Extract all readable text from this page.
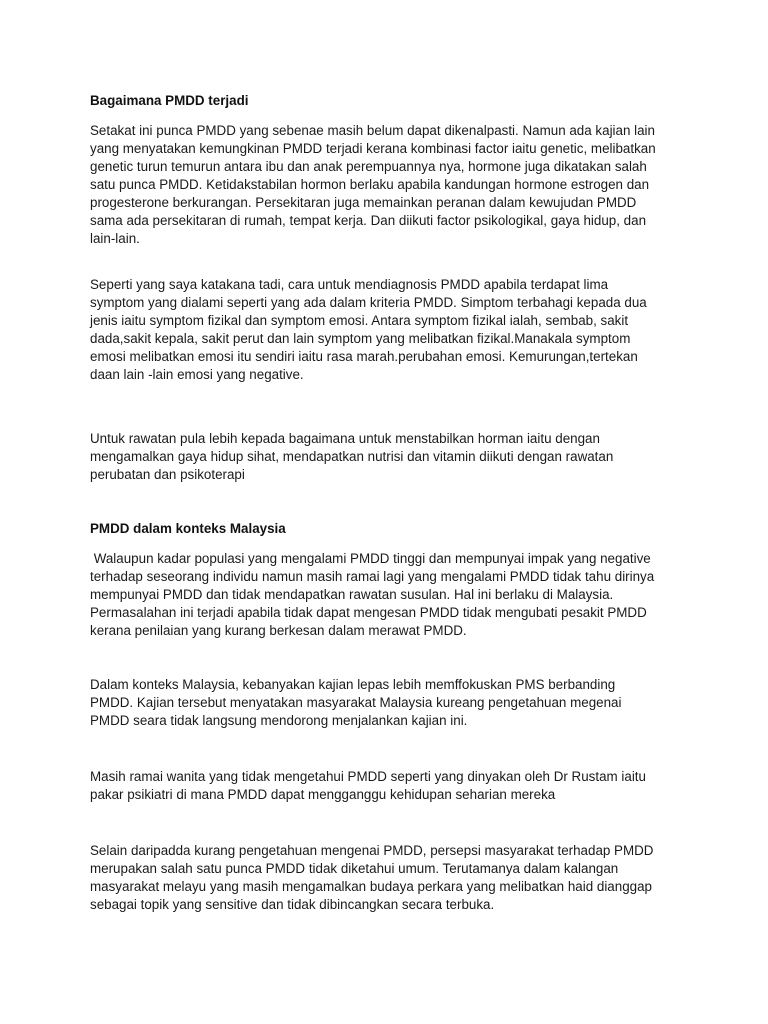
Bagaimana PMDD terjadi

Setakat ini punca PMDD yang sebenae masih belum dapat dikenalpasti. Namun ada kajian lain
yang menyatakan kemungkinan PMDD terjadi kerana kombinasi factor iaitu genetic, melibatkan
genetic turun temurun antara ibu dan anak perempuannya nya, hormone juga dikatakan salah
satu punca PMDD. Ketidakstabilan hormon berlaku apabila kandungan hormone estrogen dan
progesterone berkurangan. Persekitaran juga memainkan peranan dalam kewujudan PMDD
sama ada persekitaran di rumah, tempat kerja. Dan diikuti factor psikologikal, gaya hidup, dan
lain-lain.

Seperti yang saya katakana tadi, cara untuk mendiagnosis PMDD apabila terdapat lima
symptom yang dialami seperti yang ada dalam kriteria PMDD. Simptom terbahagi kepada dua
jenis iaitu symptom fizikal dan symptom emosi. Antara symptom fizikal ialah, sembab, sakit
dada,sakit kepala, sakit perut dan lain symptom yang melibatkan fizikal.Manakala symptom
emosi melibatkan emosi itu sendiri iaitu rasa marah.perubahan emosi. Kemurungan,tertekan
daan lain -lain emosi yang negative.

Untuk rawatan pula lebih kepada bagaimana untuk menstabilkan horman iaitu dengan
mengamalkan gaya hidup sihat, mendapatkan nutrisi dan vitamin diikuti dengan rawatan
perubatan dan psikoterapi

PMDD dalam konteks Malaysia

Walaupun kadar populasi yang mengalami PMDD tinggi dan mempunyai impak yang negative
terhadap seseorang individu namun masih ramai lagi yang mengalami PMDD tidak tahu dirinya
mempunyai PMDD dan tidak mendapatkan rawatan susulan. Hal ini berlaku di Malaysia.
Permasalahan ini terjadi apabila tidak dapat mengesan PMDD tidak mengubati pesakit PMDD
kerana penilaian yang kurang berkesan dalam merawat PMDD.

Dalam konteks Malaysia, kebanyakan kajian lepas lebih memffokuskan PMS berbanding
PMDD. Kajian tersebut menyatakan masyarakat Malaysia kureang pengetahuan megenai
PMDD seara tidak langsung mendorong menjalankan kajian ini.

Masih ramai wanita yang tidak mengetahui PMDD seperti yang dinyakan oleh Dr Rustam iaitu
pakar psikiatri di mana PMDD dapat mengganggu kehidupan seharian mereka

Selain daripadda kurang pengetahuan mengenai PMDD, persepsi masyarakat terhadap PMDD
merupakan salah satu punca PMDD tidak diketahui umum. Terutamanya dalam kalangan
masyarakat melayu yang masih mengamalkan budaya perkara yang melibatkan haid dianggap
sebagai topik yang sensitive dan tidak dibincangkan secara terbuka.
